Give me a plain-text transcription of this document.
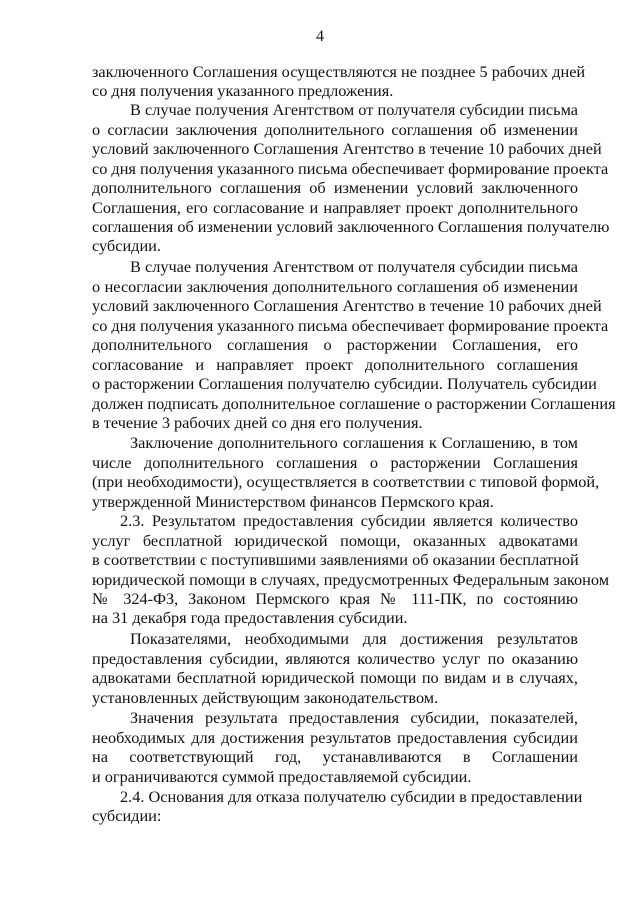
4
заключенного Соглашения осуществляются не позднее 5 рабочих дней
со дня получения указанного предложения.
В случае получения Агентством от получателя субсидии письма
о согласии заключения дополнительного соглашения об изменении
условий заключенного Соглашения Агентство в течение 10 рабочих дней
со дня получения указанного письма обеспечивает формирование проекта
дополнительного соглашения об изменении условий заключенного
Соглашения, его согласование и направляет проект дополнительного
соглашения об изменении условий заключенного Соглашения получателю
субсидии.
В случае получения Агентством от получателя субсидии письма
о несогласии заключения дополнительного соглашения об изменении
условий заключенного Соглашения Агентство в течение 10 рабочих дней
со дня получения указанного письма обеспечивает формирование проекта
дополнительного соглашения о расторжении Соглашения, его
согласование и направляет проект дополнительного соглашения
о расторжении Соглашения получателю субсидии. Получатель субсидии
должен подписать дополнительное соглашение о расторжении Соглашения
в течение 3 рабочих дней со дня его получения.
Заключение дополнительного соглашения к Соглашению, в том
числе дополнительного соглашения о расторжении Соглашения
(при необходимости), осуществляется в соответствии с типовой формой,
утвержденной Министерством финансов Пермского края.
2.3. Результатом предоставления субсидии является количество
услуг бесплатной юридической помощи, оказанных адвокатами
в соответствии с поступившими заявлениями об оказании бесплатной
юридической помощи в случаях, предусмотренных Федеральным законом
№ 324-ФЗ, Законом Пермского края № 111-ПК, по состоянию
на 31 декабря года предоставления субсидии.
Показателями, необходимыми для достижения результатов
предоставления субсидии, являются количество услуг по оказанию
адвокатами бесплатной юридической помощи по видам и в случаях,
установленных действующим законодательством.
Значения результата предоставления субсидии, показателей,
необходимых для достижения результатов предоставления субсидии
на соответствующий год, устанавливаются в Соглашении
и ограничиваются суммой предоставляемой субсидии.
2.4. Основания для отказа получателю субсидии в предоставлении
субсидии:
